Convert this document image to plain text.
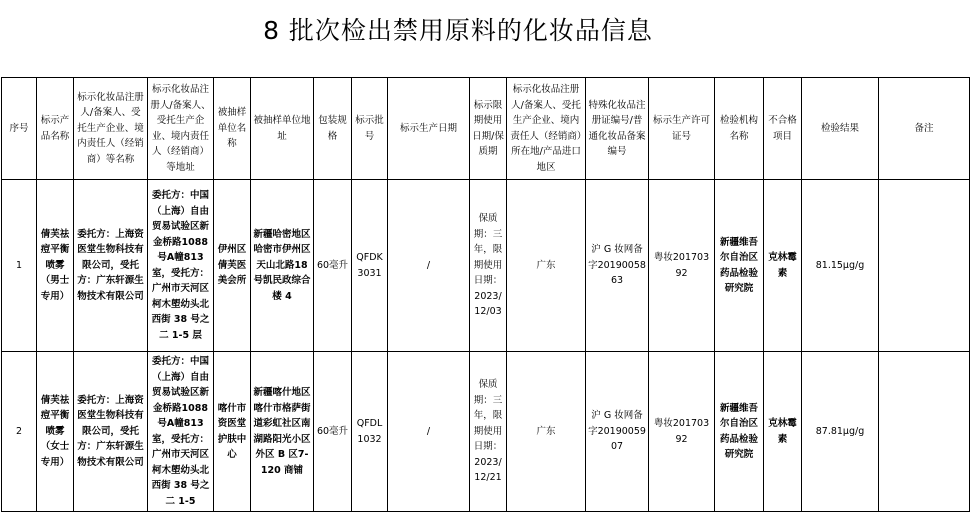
8 批次检出禁用原料的化妆品信息
序号	标示产品名称	标示化妆品注册人/备案人、受托生产企业、境内责任人（经销商）等名称	标示化妆品注册人/备案人、受托生产企业、境内责任人（经销商）等地址	被抽样单位名称	被抽样单位地址	包装规格	标示批号	标示生产日期	标示限期使用日期/保质期	标示化妆品注册人/备案人、受托生产企业、境内责任人（经销商）所在地/产品进口地区	特殊化妆品注册证编号/普通化妆品备案编号	标示生产许可证号	检验机构名称	不合格项目	检验结果	备注
1	倩芙祛痘平衡喷雾（男士专用）	委托方：上海资医堂生物科技有限公司，受托方：广东轩源生物技术有限公司	委托方：中国（上海）自由贸易试验区新金桥路1088号A幢813室，受托方：广州市天河区柯木塱幼头北西街 38 号之二 1-5 层	伊州区倩芙医美会所	新疆哈密地区哈密市伊州区天山北路18号凯民政综合楼 4	60毫升	QFDK3031	/	保质期：三年，限期使用日期：2023/12/03	广东	沪 G 妆网备字2019005863	粤妆20170392	新疆维吾尔自治区药品检验研究院	克林霉素	81.15μg/g	
2	倩芙祛痘平衡喷雾（女士专用）	委托方：上海资医堂生物科技有限公司，受托方：广东轩源生物技术有限公司	委托方：中国（上海）自由贸易试验区新金桥路1088号A幢813室，受托方：广州市天河区柯木塱幼头北西街 38 号之二 1-5	喀什市资医堂护肤中心	新疆喀什地区喀什市格萨街道彩虹社区南湖路阳光小区外区 B 区7-120 商铺	60毫升	QFDL1032	/	保质期：三年，限期使用日期：2023/12/21	广东	沪 G 妆网备字2019005907	粤妆20170392	新疆维吾尔自治区药品检验研究院	克林霉素	87.81μg/g	
